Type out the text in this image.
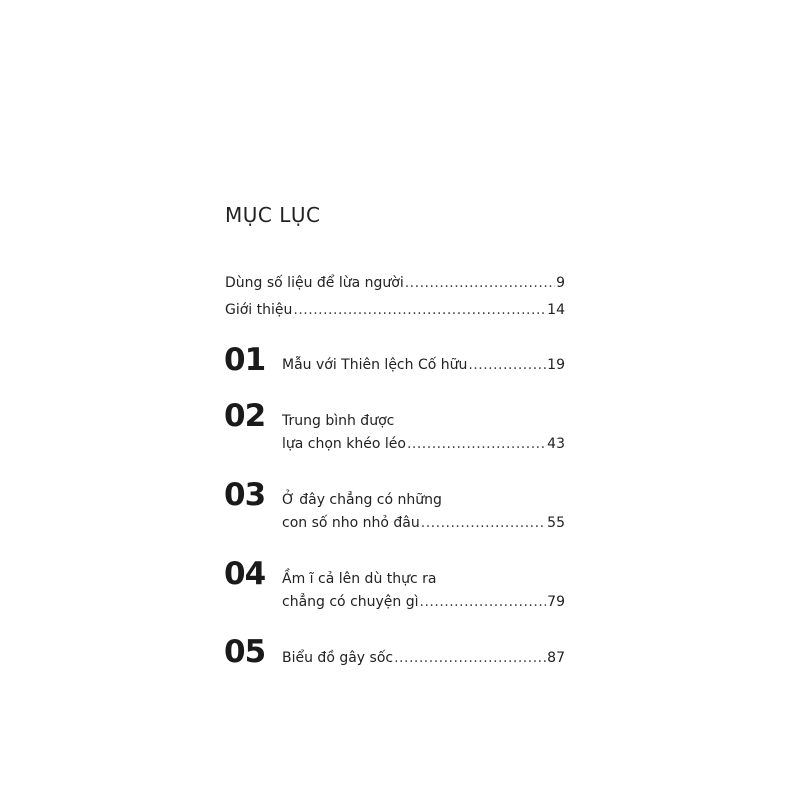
MỤC LỤC
Dùng số liệu để lừa người .....	9
Giới thiệu .....	14
01 Mẫu với Thiên lệch Cố hữu .....	19
02 Trung bình được
lựa chọn khéo léo .....	43
03 Ở đây chẳng có những
con số nho nhỏ đâu .....	55
04 Ầm ĩ cả lên dù thực ra
chẳng có chuyện gì .....	79
05 Biểu đồ gây sốc .....	87
